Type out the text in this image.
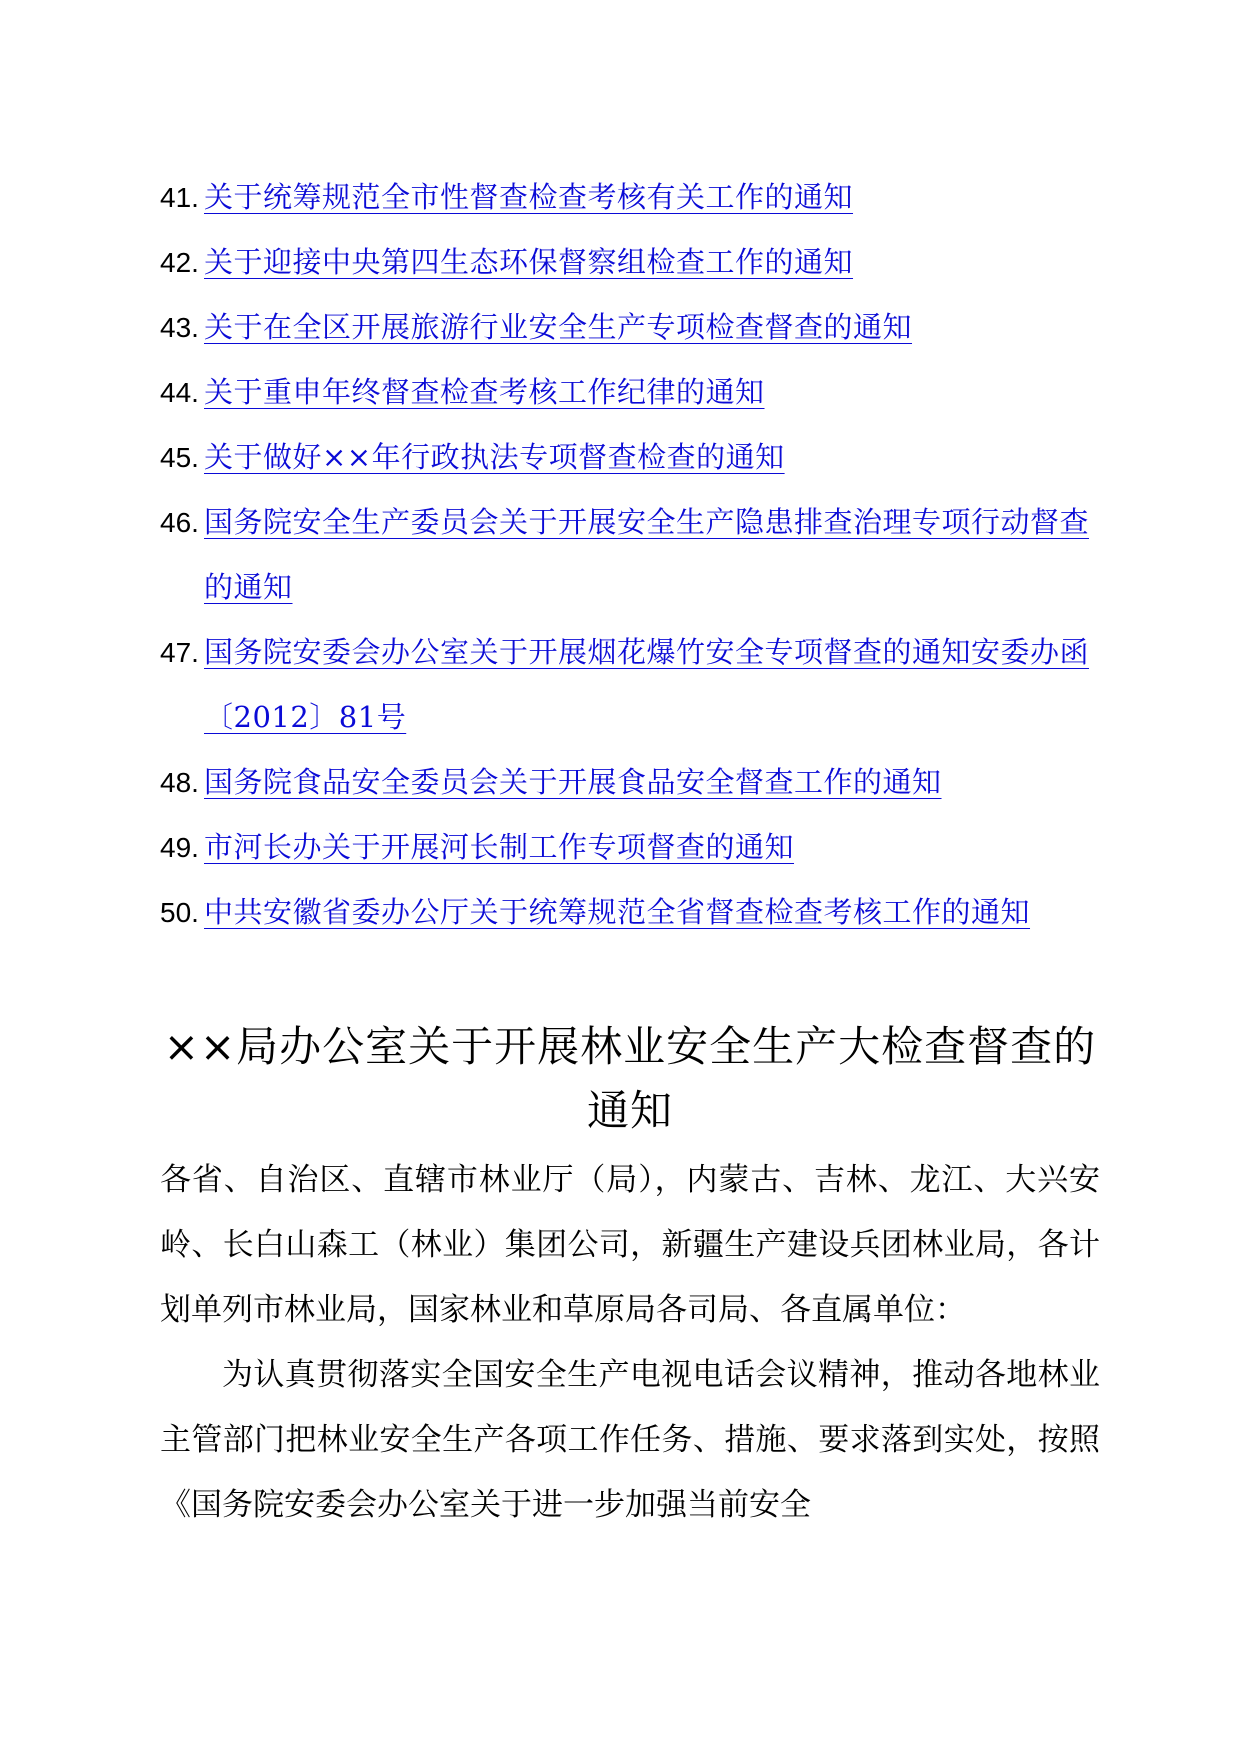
41. 关于统筹规范全市性督查检查考核有关工作的通知
42. 关于迎接中央第四生态环保督察组检查工作的通知
43. 关于在全区开展旅游行业安全生产专项检查督查的通知
44. 关于重申年终督查检查考核工作纪律的通知
45. 关于做好××年行政执法专项督查检查的通知
46. 国务院安全生产委员会关于开展安全生产隐患排查治理专项行动督查的通知
47. 国务院安委会办公室关于开展烟花爆竹安全专项督查的通知安委办函〔2012〕81号
48. 国务院食品安全委员会关于开展食品安全督查工作的通知
49. 市河长办关于开展河长制工作专项督查的通知
50. 中共安徽省委办公厅关于统筹规范全省督查检查考核工作的通知
××局办公室关于开展林业安全生产大检查督查的通知

各省、自治区、直辖市林业厅（局），内蒙古、吉林、龙江、大兴安岭、长白山森工（林业）集团公司，新疆生产建设兵团林业局，各计划单列市林业局，国家林业和草原局各司局、各直属单位：

为认真贯彻落实全国安全生产电视电话会议精神，推动各地林业主管部门把林业安全生产各项工作任务、措施、要求落到实处，按照《国务院安委会办公室关于进一步加强当前安全
